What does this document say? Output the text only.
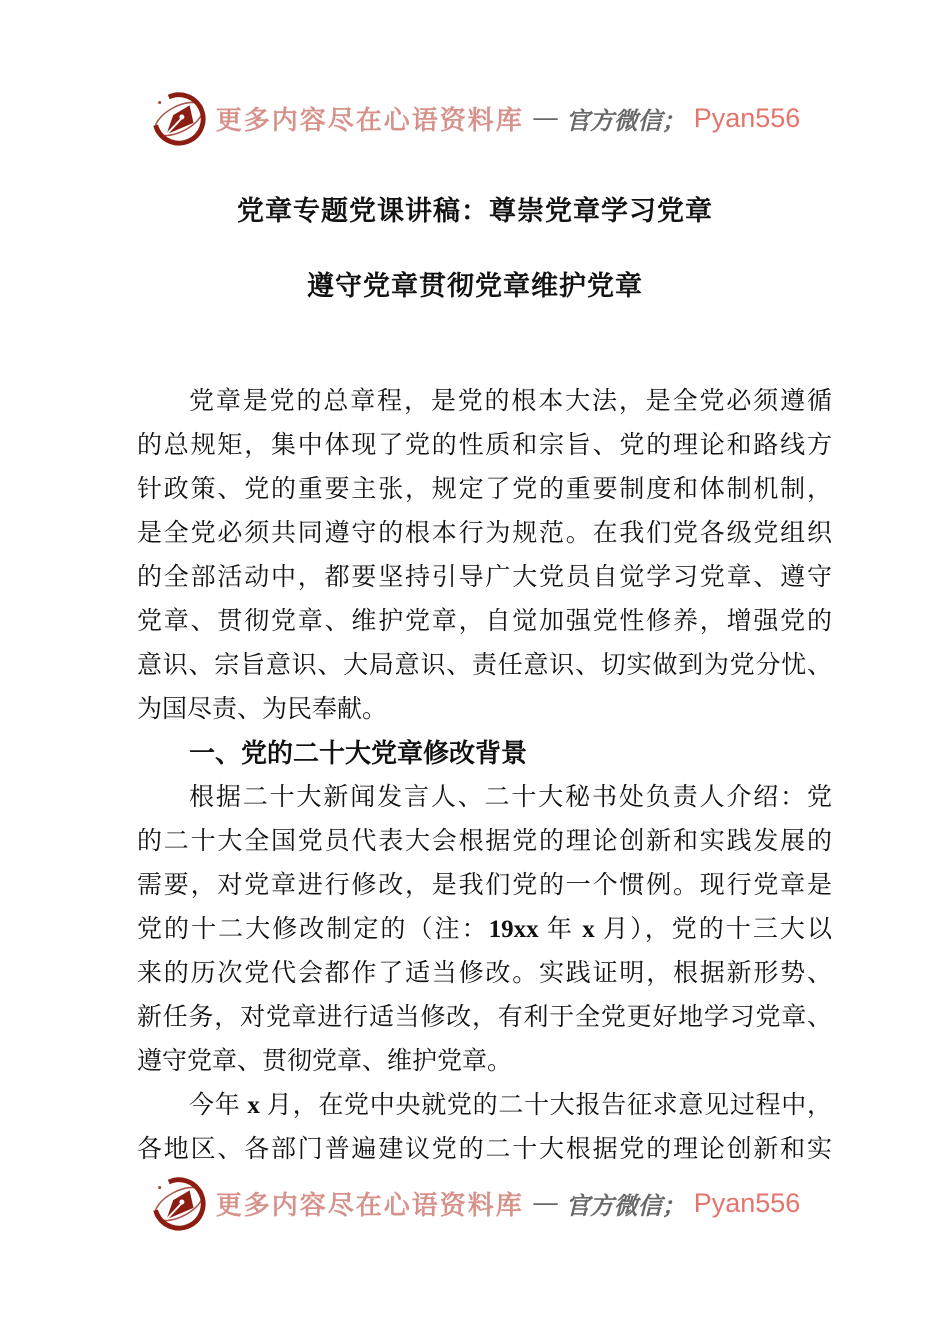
更多内容尽在心语资料库 — 官方微信； Pyan556
党章专题党课讲稿：尊崇党章学习党章
遵守党章贯彻党章维护党章
党章是党的总章程，是党的根本大法，是全党必须遵循
的总规矩，集中体现了党的性质和宗旨、党的理论和路线方
针政策、党的重要主张，规定了党的重要制度和体制机制，
是全党必须共同遵守的根本行为规范。在我们党各级党组织
的全部活动中，都要坚持引导广大党员自觉学习党章、遵守
党章、贯彻党章、维护党章，自觉加强党性修养，增强党的
意识、宗旨意识、大局意识、责任意识、切实做到为党分忧、
为国尽责、为民奉献。
一、党的二十大党章修改背景
根据二十大新闻发言人、二十大秘书处负责人介绍：党
的二十大全国党员代表大会根据党的理论创新和实践发展的
需要，对党章进行修改，是我们党的一个惯例。现行党章是
党的十二大修改制定的（注：19xx 年 x 月），党的十三大以
来的历次党代会都作了适当修改。实践证明，根据新形势、
新任务，对党章进行适当修改，有利于全党更好地学习党章、
遵守党章、贯彻党章、维护党章。
今年 x 月，在党中央就党的二十大报告征求意见过程中，
各地区、各部门普遍建议党的二十大根据党的理论创新和实
更多内容尽在心语资料库 — 官方微信； Pyan556
